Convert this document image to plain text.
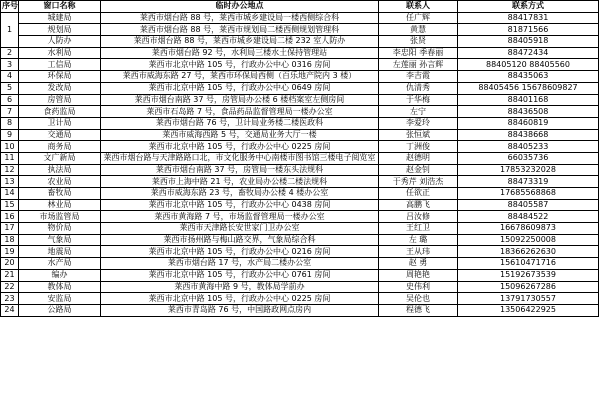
序号	窗口名称	临时办公地点	联系人	联系方式
1	城建局	莱西市烟台路 88 号，莱西市城乡建设局一楼西侧综合科	任广辉	88417831
	规划局	莱西市烟台路 88 号，莱西市规划局二楼西侧规划管理科	黄慧	81871566
	人防办	莱西市烟台路 88 号，莱西市城乡建设局二楼 232 室人防办	张贤	88405918
2	水利局	莱西市烟台路 92 号，水利局三楼水土保持管理站	李忠阳 季春丽	88472434
3	工信局	莱西市北京中路 105 号，行政办公中心 0316 房间	左莲丽 孙言辉	88405120 88405560
4	环保局	莱西市威海东路 27 号，莱西市环保局西侧（百乐地产院内 3 楼）	李吉霞	88435063
5	发改局	莱西市北京中路 105 号，行政办公中心 0649 房间	仇清秀	88405456 15678609827
6	房管局	莱西市烟台南路 37 号，房管局办公楼 6 楼档案室左侧房间	于华梅	88401168
7	食药监局	莱西市石岛路 7 号，食品药品监督管理局一楼办公室	左宁	88436508
8	卫计局	莱西市烟台路 76 号，卫计局业务楼二楼医政科	李爱玲	88460819
9	交通局	莱西市威海西路 5 号，交通局业务大厅一楼	张恒斌	88438668
10	商务局	莱西市北京中路 105 号，行政办公中心 0225 房间	丁洲俊	88405233
11	文广新局	莱西市烟台路与天津路路口北，市文化服务中心南楼市图书馆三楼电子阅览室	赵德明	66035736
12	执法局	莱西市烟台南路 37 号，房管局一楼东头法规科	赵金钊	17853232028
13	农业局	莱西市上海中路 21 号，农业局办公楼二楼法规科	于秀芹 刘浩杰	88473319
14	畜牧局	莱西市威海东路 23 号，畜牧局办公楼 4 楼办公室	任欲正	17685568868
15	林业局	莱西市北京中路 105 号，行政办公中心 0438 房间	高鹏飞	88405587
16	市场监管局	莱西市黄海路 7 号，市场监督管理局一楼办公室	吕汝修	88484522
17	物价局	莱西市天津路长安世家门卫办公室	王红卫	16678609873
18	气象局	莱西市扬州路与梅山路交界，气象局综合科	左 璐	15092250008
19	地震局	莱西市北京中路 105 号，行政办公中心 0216 房间	王从玮	18366262630
20	水产局	莱西市烟台路 17 号，水产局二楼办公室	赵 勇	15610471716
21	编办	莱西市北京中路 105 号，行政办公中心 0761 房间	周艳艳	15192673539
22	教体局	莱西市黄海中路 9 号，教体局学前办	史伟利	15096267286
23	安监局	莱西市北京中路 105 号，行政办公中心 0225 房间	吴伦也	13791730557
24	公路局	莱西市青岛路 76 号，中国路政网点房内	程德飞	13506422925
